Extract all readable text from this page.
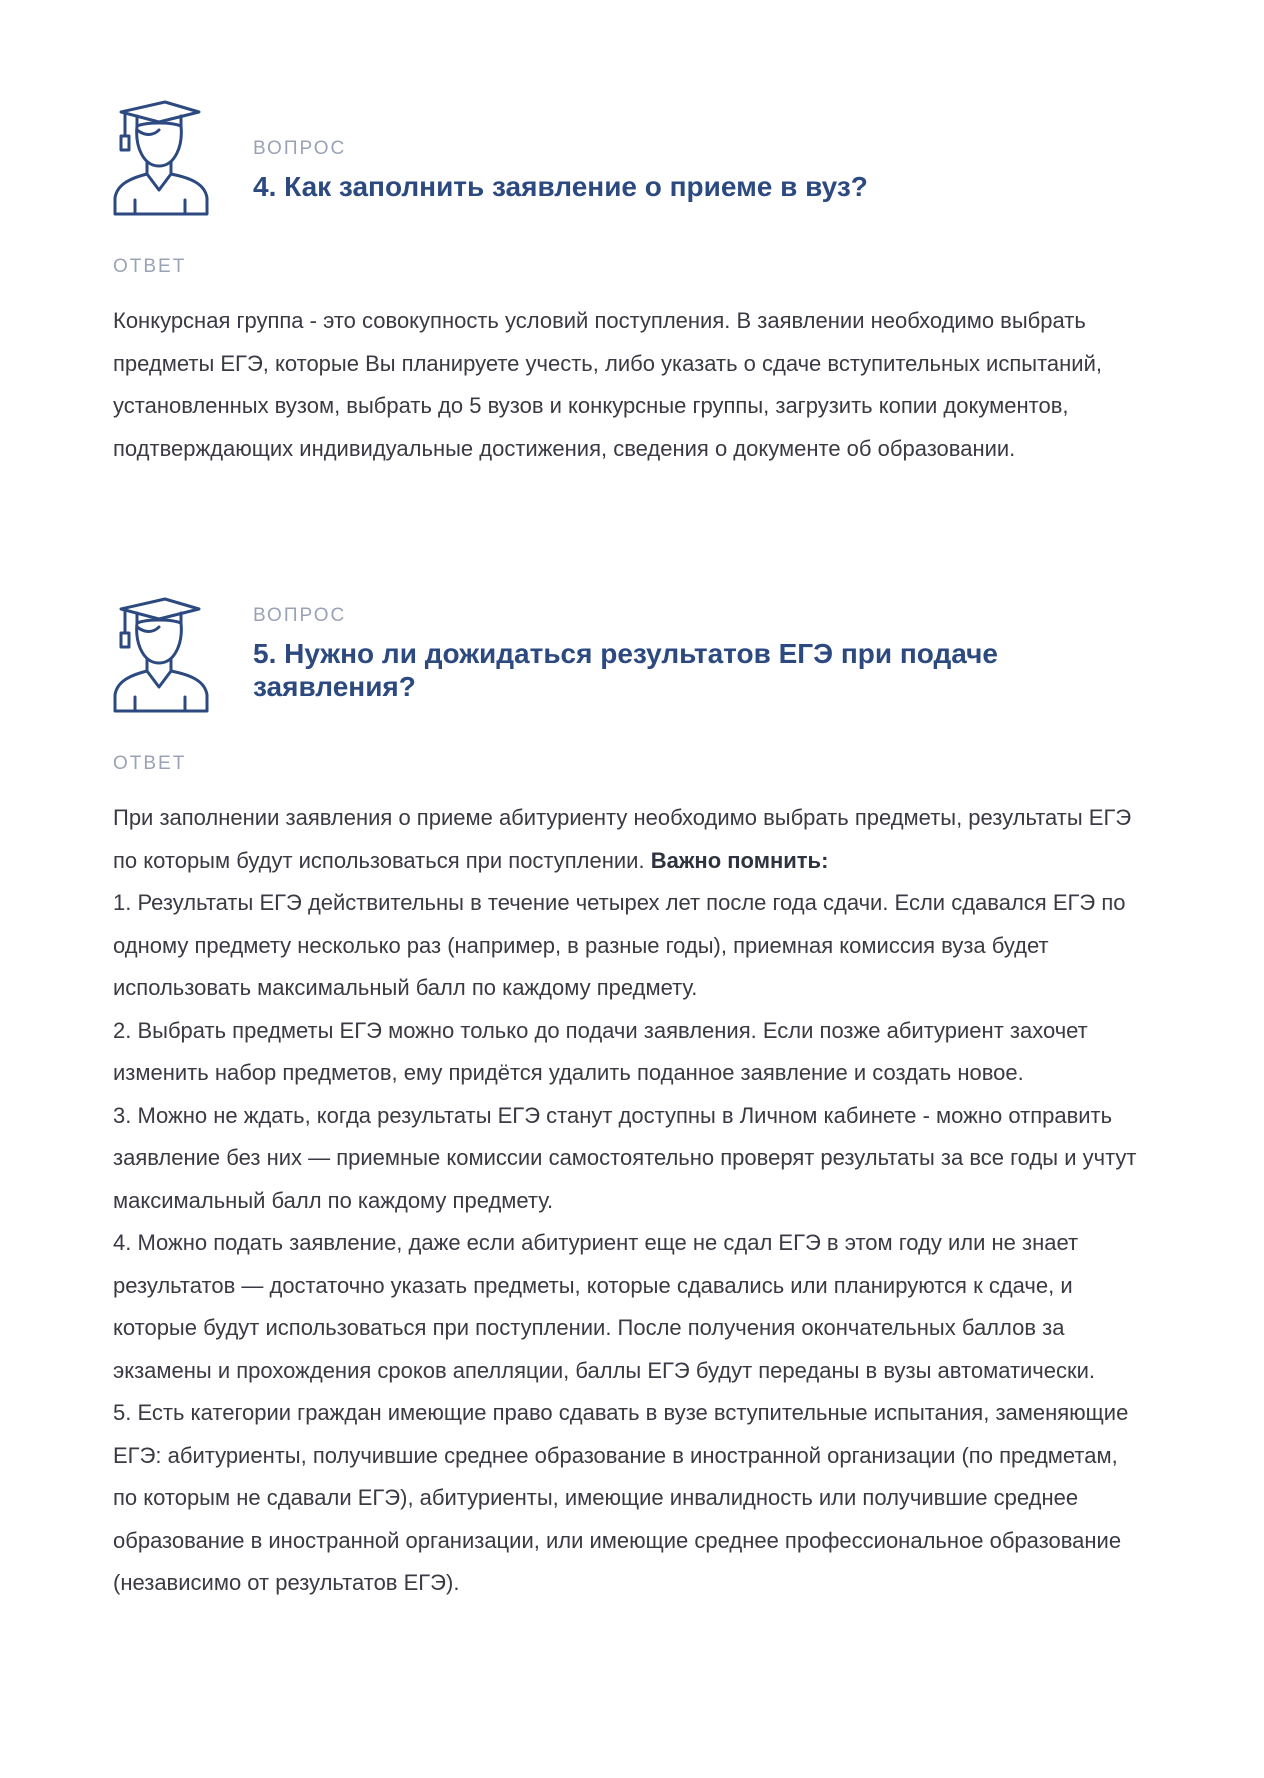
ВОПРОС
4. Как заполнить заявление о приеме в вуз?
ОТВЕТ

Конкурсная группа - это совокупность условий поступления. В заявлении необходимо выбрать предметы ЕГЭ, которые Вы планируете учесть, либо указать о сдаче вступительных испытаний, установленных вузом, выбрать до 5 вузов и конкурсные группы, загрузить копии документов, подтверждающих индивидуальные достижения, сведения о документе об образовании.

ВОПРОС
5. Нужно ли дожидаться результатов ЕГЭ при подаче заявления?
ОТВЕТ

При заполнении заявления о приеме абитуриенту необходимо выбрать предметы, результаты ЕГЭ по которым будут использоваться при поступлении. Важно помнить:

1. Результаты ЕГЭ действительны в течение четырех лет после года сдачи. Если сдавался ЕГЭ по одному предмету несколько раз (например, в разные годы), приемная комиссия вуза будет использовать максимальный балл по каждому предмету.

2. Выбрать предметы ЕГЭ можно только до подачи заявления. Если позже абитуриент захочет изменить набор предметов, ему придётся удалить поданное заявление и создать новое.

3. Можно не ждать, когда результаты ЕГЭ станут доступны в Личном кабинете - можно отправить заявление без них — приемные комиссии самостоятельно проверят результаты за все годы и учтут максимальный балл по каждому предмету.

4. Можно подать заявление, даже если абитуриент еще не сдал ЕГЭ в этом году или не знает результатов — достаточно указать предметы, которые сдавались или планируются к сдаче, и которые будут использоваться при поступлении. После получения окончательных баллов за экзамены и прохождения сроков апелляции, баллы ЕГЭ будут переданы в вузы автоматически.

5. Есть категории граждан имеющие право сдавать в вузе вступительные испытания, заменяющие ЕГЭ: абитуриенты, получившие среднее образование в иностранной организации (по предметам, по которым не сдавали ЕГЭ), абитуриенты, имеющие инвалидность или получившие среднее образование в иностранной организации, или имеющие среднее профессиональное образование (независимо от результатов ЕГЭ).
